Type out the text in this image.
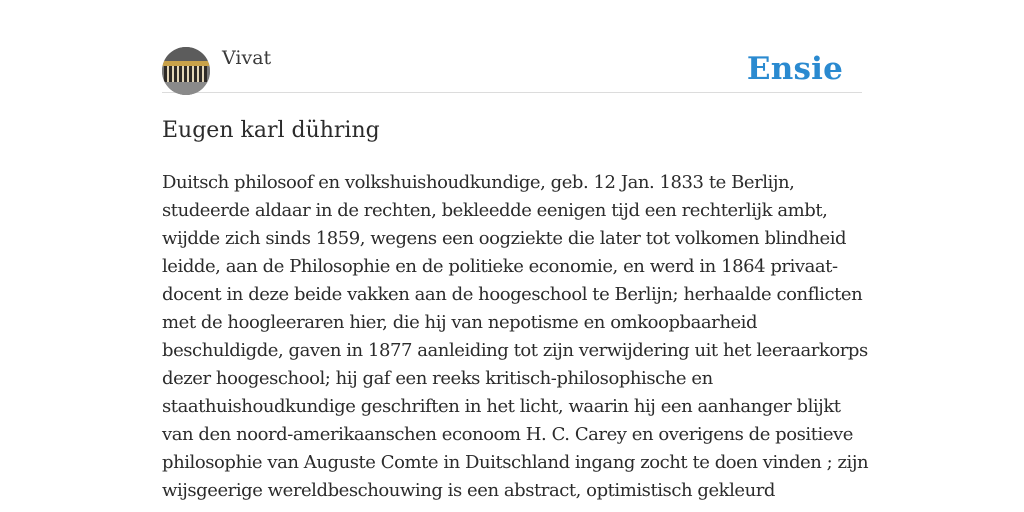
Vivat	Ensie
Eugen karl dühring

Duitsch philosoof en volkshuishoudkundige, geb. 12 Jan. 1833 te Berlijn,
studeerde aldaar in de rechten, bekleedde eenigen tijd een rechterlijk ambt,
wijdde zich sinds 1859, wegens een oogziekte die later tot volkomen blindheid
leidde, aan de Philosophie en de politieke economie, en werd in 1864 privaat-
docent in deze beide vakken aan de hoogeschool te Berlijn; herhaalde conflicten
met de hoogleeraren hier, die hij van nepotisme en omkoopbaarheid
beschuldigde, gaven in 1877 aanleiding tot zijn verwijdering uit het leeraarkorps
dezer hoogeschool; hij gaf een reeks kritisch-philosophische en
staathuishoudkundige geschriften in het licht, waarin hij een aanhanger blijkt
van den noord-amerikaanschen econoom H. C. Carey en overigens de positieve
philosophie van Auguste Comte in Duitschland ingang zocht te doen vinden ; zijn
wijsgeerige wereldbeschouwing is een abstract, optimistisch gekleurd
